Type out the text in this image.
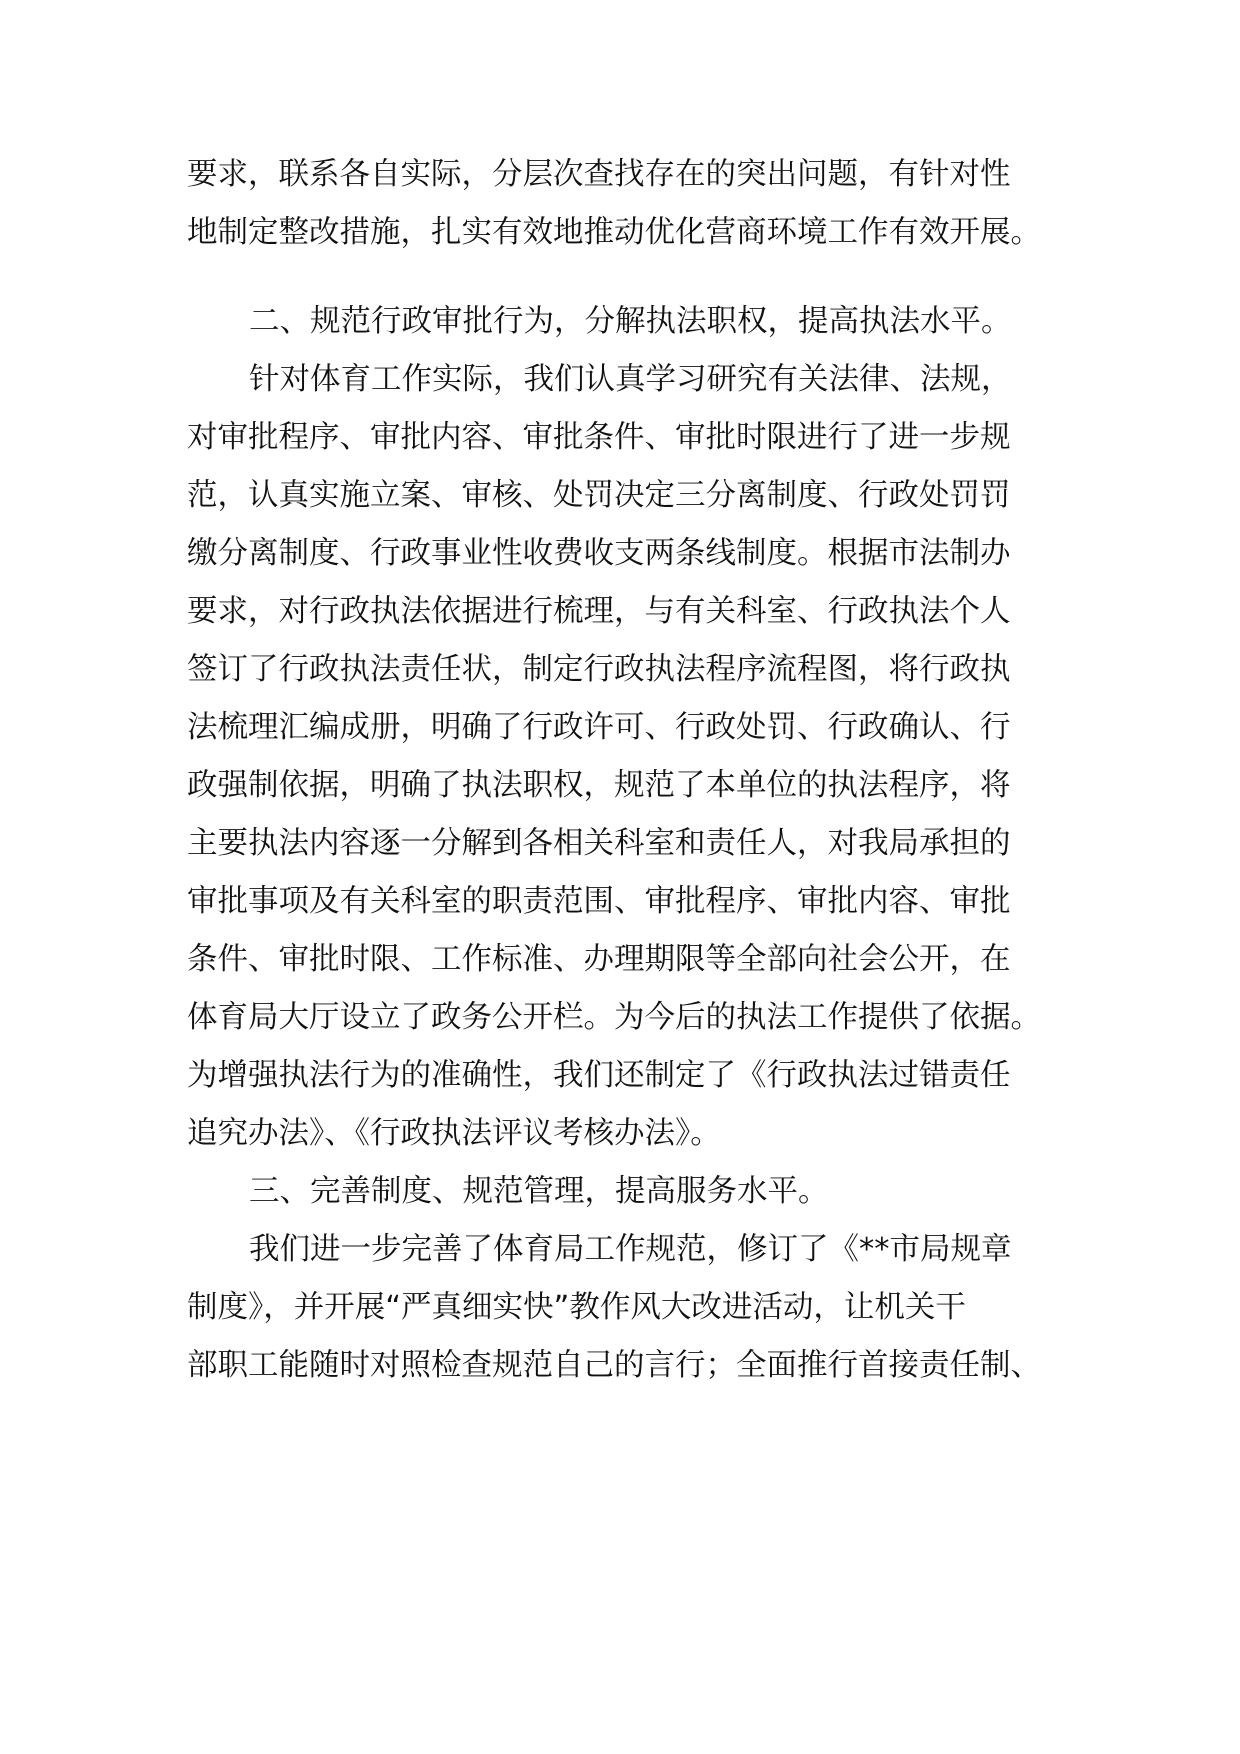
要求，联系各自实际，分层次查找存在的突出问题，有针对性
地制定整改措施，扎实有效地推动优化营商环境工作有效开展。
二、规范行政审批行为，分解执法职权，提高执法水平。
针对体育工作实际，我们认真学习研究有关法律、法规，
对审批程序、审批内容、审批条件、审批时限进行了进一步规
范，认真实施立案、审核、处罚决定三分离制度、行政处罚罚
缴分离制度、行政事业性收费收支两条线制度。根据市法制办
要求，对行政执法依据进行梳理，与有关科室、行政执法个人
签订了行政执法责任状，制定行政执法程序流程图，将行政执
法梳理汇编成册，明确了行政许可、行政处罚、行政确认、行
政强制依据，明确了执法职权，规范了本单位的执法程序，将
主要执法内容逐一分解到各相关科室和责任人，对我局承担的
审批事项及有关科室的职责范围、审批程序、审批内容、审批
条件、审批时限、工作标准、办理期限等全部向社会公开，在
体育局大厅设立了政务公开栏。为今后的执法工作提供了依据。
为增强执法行为的准确性，我们还制定了《行政执法过错责任
追究办法》、《行政执法评议考核办法》。
三、完善制度、规范管理，提高服务水平。
我们进一步完善了体育局工作规范，修订了《**市局规章
制度》，并开展“严真细实快”教作风大改进活动，让机关干
部职工能随时对照检查规范自己的言行；全面推行首接责任制、
